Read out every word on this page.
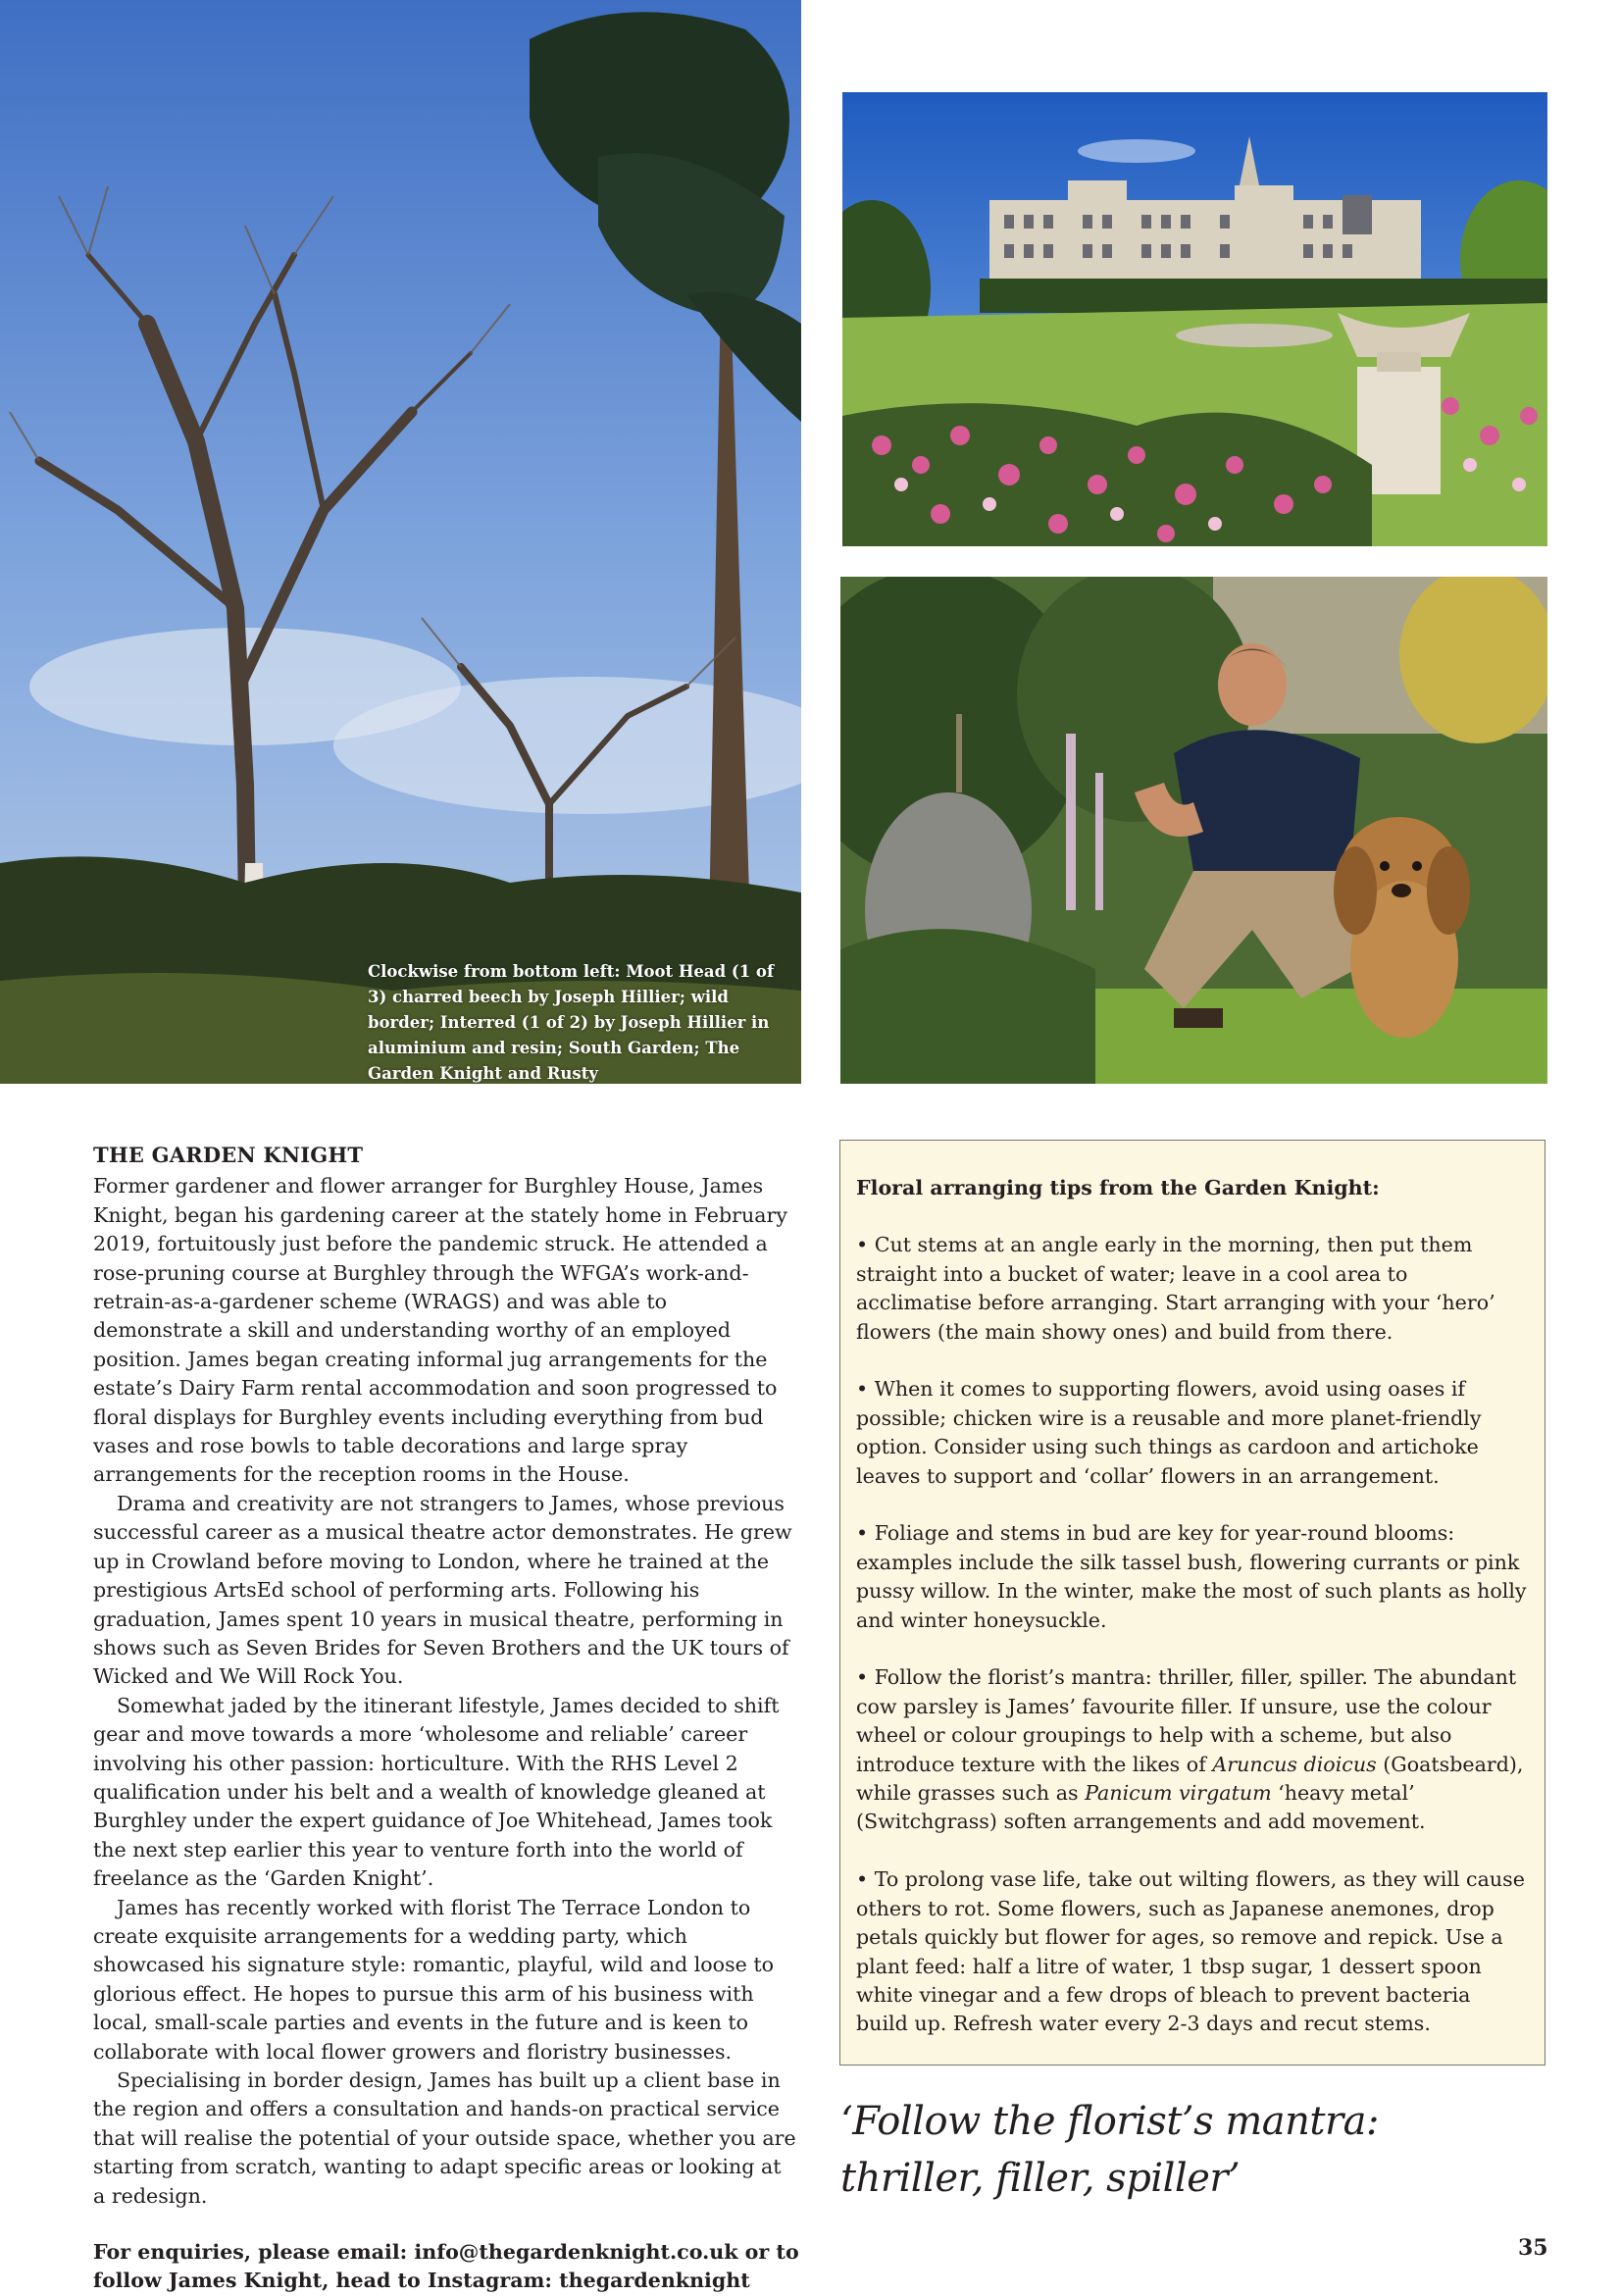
Clockwise from bottom left: Moot Head (1 of 3) charred beech by Joseph Hillier; wild border; Interred (1 of 2) by Joseph Hillier in aluminium and resin; South Garden; The Garden Knight and Rusty
THE GARDEN KNIGHT

Former gardener and flower arranger for Burghley House, James Knight, began his gardening career at the stately home in February 2019, fortuitously just before the pandemic struck. He attended a rose-pruning course at Burghley through the WFGA’s work-and-retrain-as-a-gardener scheme (WRAGS) and was able to demonstrate a skill and understanding worthy of an employed position. James began creating informal jug arrangements for the estate’s Dairy Farm rental accommodation and soon progressed to floral displays for Burghley events including everything from bud vases and rose bowls to table decorations and large spray arrangements for the reception rooms in the House.

Drama and creativity are not strangers to James, whose previous successful career as a musical theatre actor demonstrates. He grew up in Crowland before moving to London, where he trained at the prestigious ArtsEd school of performing arts. Following his graduation, James spent 10 years in musical theatre, performing in shows such as Seven Brides for Seven Brothers and the UK tours of Wicked and We Will Rock You.

Somewhat jaded by the itinerant lifestyle, James decided to shift gear and move towards a more ‘wholesome and reliable’ career involving his other passion: horticulture. With the RHS Level 2 qualification under his belt and a wealth of knowledge gleaned at Burghley under the expert guidance of Joe Whitehead, James took the next step earlier this year to venture forth into the world of freelance as the ‘Garden Knight’.

James has recently worked with florist The Terrace London to create exquisite arrangements for a wedding party, which showcased his signature style: romantic, playful, wild and loose to glorious effect. He hopes to pursue this arm of his business with local, small-scale parties and events in the future and is keen to collaborate with local flower growers and floristry businesses.

Specialising in border design, James has built up a client base in the region and offers a consultation and hands-on practical service that will realise the potential of your outside space, whether you are starting from scratch, wanting to adapt specific areas or looking at a redesign.

For enquiries, please email: info@thegardenknight.co.uk or to follow James Knight, head to Instagram: thegardenknight

Floral arranging tips from the Garden Knight:

• Cut stems at an angle early in the morning, then put them straight into a bucket of water; leave in a cool area to acclimatise before arranging. Start arranging with your ‘hero’ flowers (the main showy ones) and build from there.

• When it comes to supporting flowers, avoid using oases if possible; chicken wire is a reusable and more planet-friendly option. Consider using such things as cardoon and artichoke leaves to support and ‘collar’ flowers in an arrangement.

• Foliage and stems in bud are key for year-round blooms: examples include the silk tassel bush, flowering currants or pink pussy willow. In the winter, make the most of such plants as holly and winter honeysuckle.

• Follow the florist’s mantra: thriller, filler, spiller. The abundant cow parsley is James’ favourite filler. If unsure, use the colour wheel or colour groupings to help with a scheme, but also introduce texture with the likes of Aruncus dioicus (Goatsbeard), while grasses such as Panicum virgatum ‘heavy metal’ (Switchgrass) soften arrangements and add movement.

• To prolong vase life, take out wilting flowers, as they will cause others to rot. Some flowers, such as Japanese anemones, drop petals quickly but flower for ages, so remove and repick. Use a plant feed: half a litre of water, 1 tbsp sugar, 1 dessert spoon white vinegar and a few drops of bleach to prevent bacteria build up. Refresh water every 2-3 days and recut stems.

‘Follow the florist’s mantra:
thriller, filler, spiller’
35
